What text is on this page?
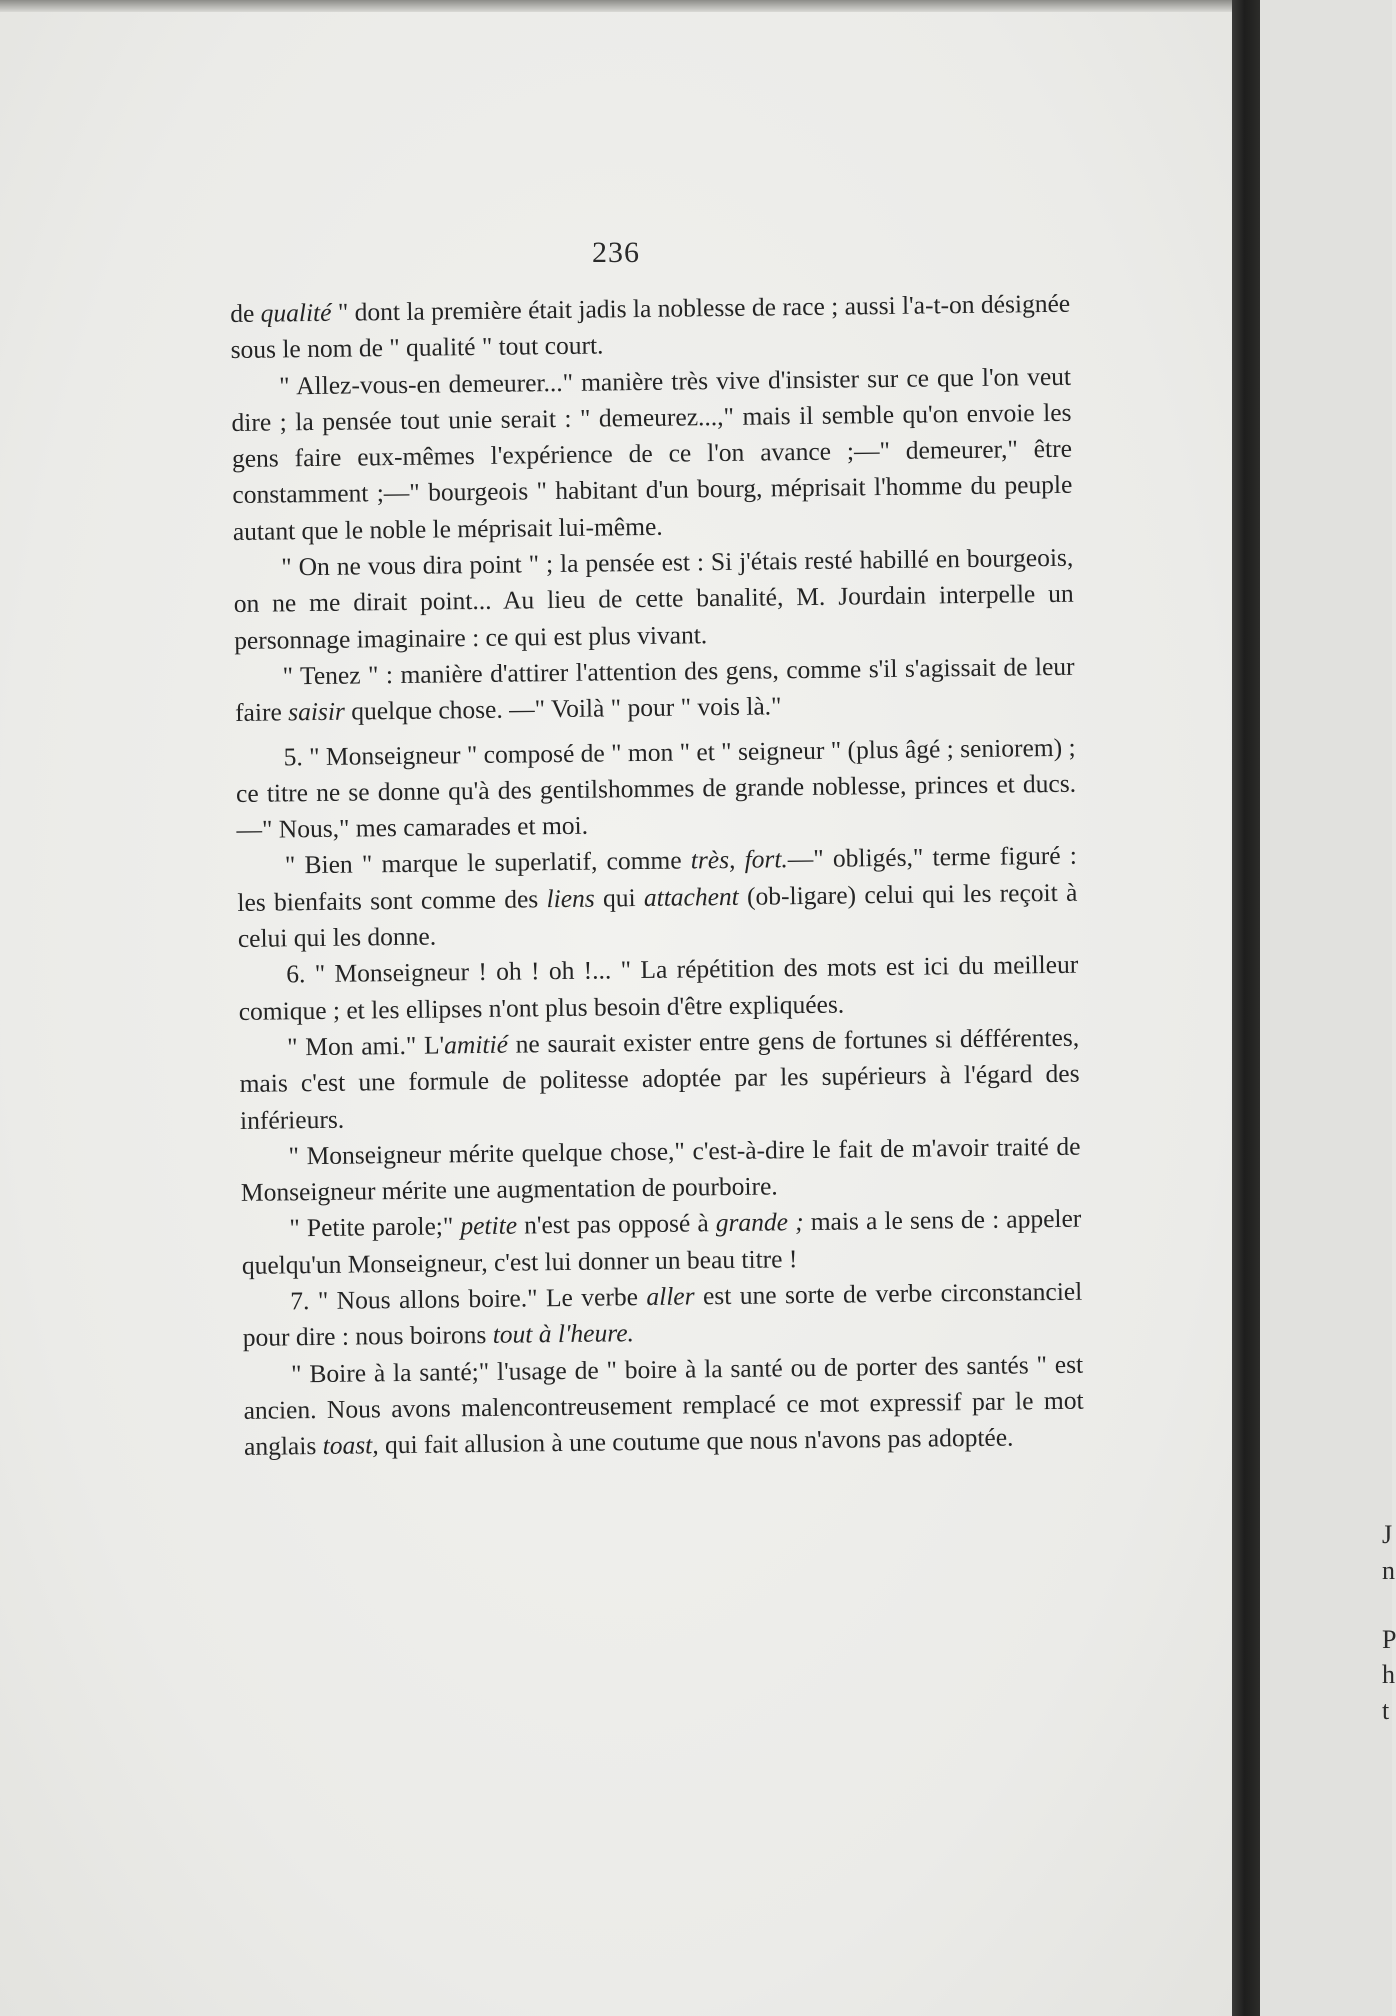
236

de qualité " dont la première était jadis la noblesse de race ; aussi l'a-t-on désignée sous le nom de " qualité " tout court.

" Allez-vous-en demeurer..." manière très vive d'insister sur ce que l'on veut dire ; la pensée tout unie serait : " demeurez...," mais il semble qu'on envoie les gens faire eux-mêmes l'expérience de ce l'on avance ;—" demeurer," être constamment ;—" bourgeois " habitant d'un bourg, méprisait l'homme du peuple autant que le noble le méprisait lui-même.

" On ne vous dira point " ; la pensée est : Si j'étais resté habillé en bourgeois, on ne me dirait point... Au lieu de cette banalité, M. Jourdain interpelle un personnage imaginaire : ce qui est plus vivant.

" Tenez " : manière d'attirer l'attention des gens, comme s'il s'agissait de leur faire saisir quelque chose. —" Voilà " pour " vois là."

5. " Monseigneur " composé de " mon " et " seigneur " (plus âgé ; seniorem) ; ce titre ne se donne qu'à des gentilshommes de grande noblesse, princes et ducs.—" Nous," mes camarades et moi.

" Bien " marque le superlatif, comme très, fort.—" obligés," terme figuré : les bienfaits sont comme des liens qui attachent (ob-ligare) celui qui les reçoit à celui qui les donne.

6. " Monseigneur ! oh ! oh !... " La répétition des mots est ici du meilleur comique ; et les ellipses n'ont plus besoin d'être expliquées.

" Mon ami." L'amitié ne saurait exister entre gens de fortunes si défférentes, mais c'est une formule de politesse adoptée par les supérieurs à l'égard des inférieurs.

" Monseigneur mérite quelque chose," c'est-à-dire le fait de m'avoir traité de Monseigneur mérite une augmentation de pourboire.

" Petite parole;" petite n'est pas opposé à grande ; mais a le sens de : appeler quelqu'un Monseigneur, c'est lui donner un beau titre !

7. " Nous allons boire." Le verbe aller est une sorte de verbe circonstanciel pour dire : nous boirons tout à l'heure.

" Boire à la santé;" l'usage de " boire à la santé ou de porter des santés " est ancien. Nous avons malencontreusement remplacé ce mot expressif par le mot anglais toast, qui fait allusion à une coutume que nous n'avons pas adoptée.

J
n
P
h
t
